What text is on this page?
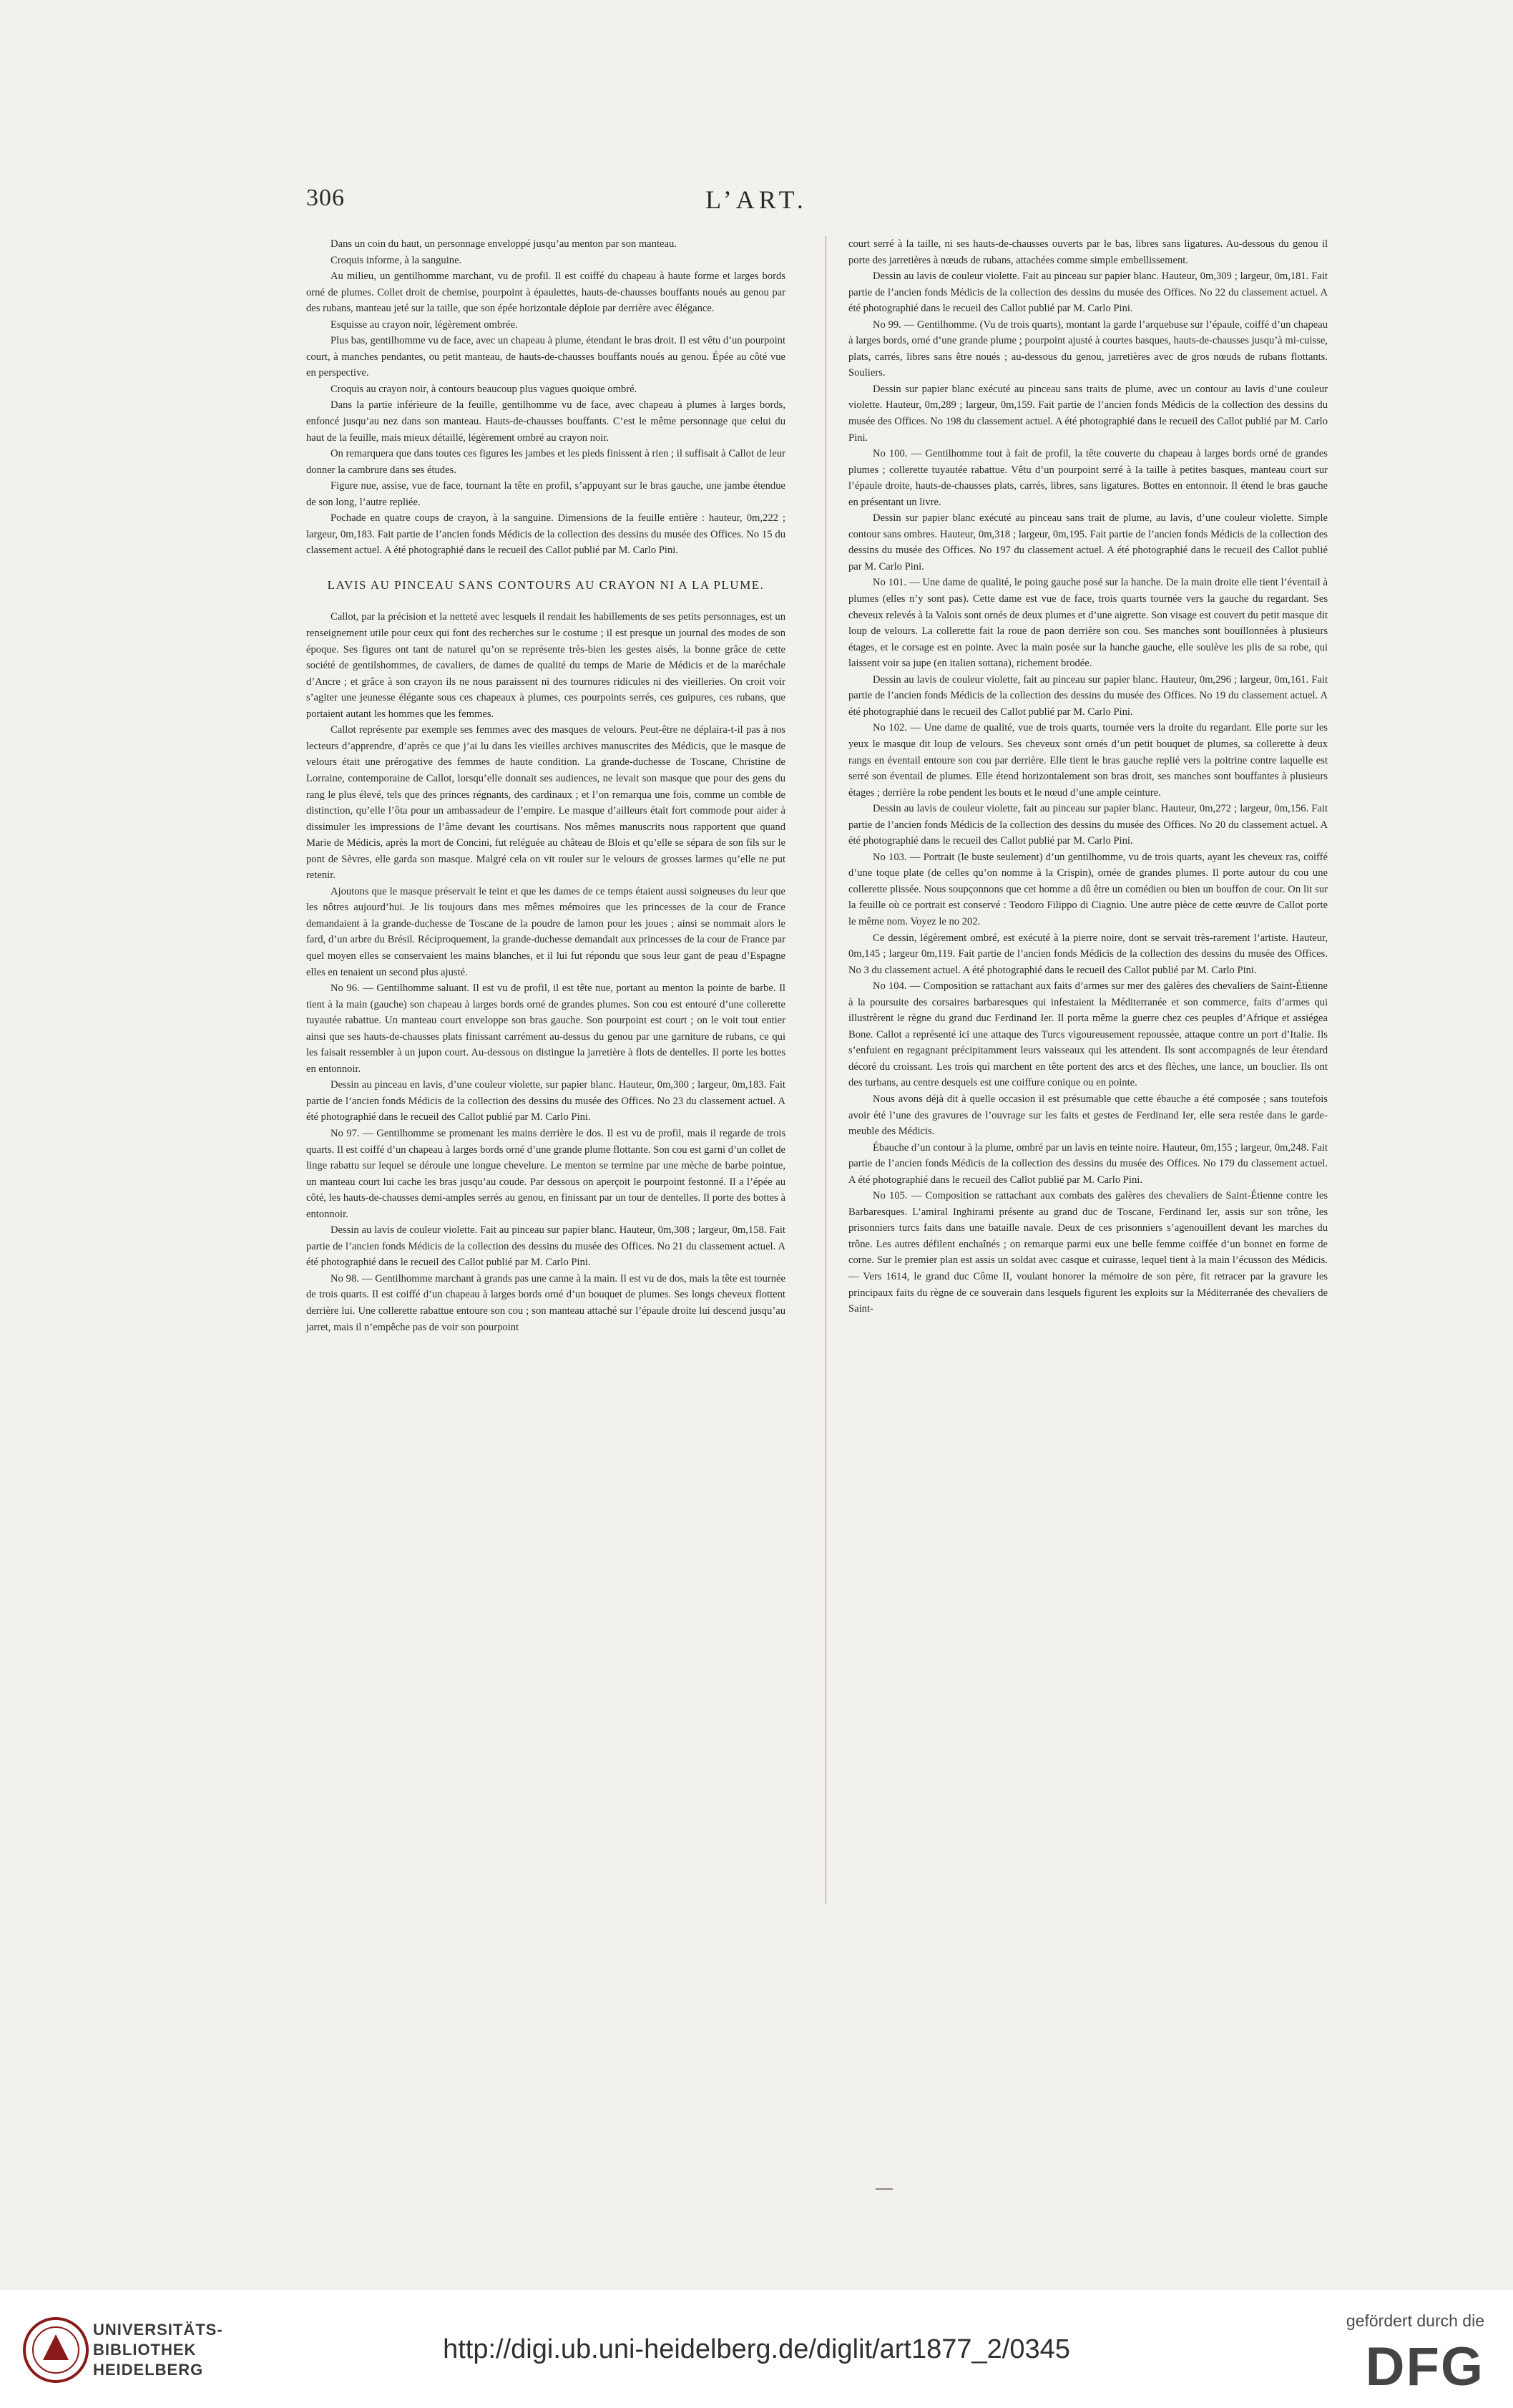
306	L’ART.

Dans un coin du haut, un personnage enveloppé jusqu’au menton par son manteau.

Croquis informe, à la sanguine.

Au milieu, un gentilhomme marchant, vu de profil. Il est coiffé du chapeau à haute forme et larges bords orné de plumes. Collet droit de chemise, pourpoint à épaulettes, hauts-de-chausses bouffants noués au genou par des rubans, manteau jeté sur la taille, que son épée horizontale déploie par derrière avec élégance.

Esquisse au crayon noir, légèrement ombrée.

Plus bas, gentilhomme vu de face, avec un chapeau à plume, étendant le bras droit. Il est vêtu d’un pourpoint court, à manches pendantes, ou petit manteau, de hauts-de-chausses bouffants noués au genou. Épée au côté vue en perspective.

Croquis au crayon noir, à contours beaucoup plus vagues quoique ombré.

Dans la partie inférieure de la feuille, gentilhomme vu de face, avec chapeau à plumes à larges bords, enfoncé jusqu’au nez dans son manteau. Hauts-de-chausses bouffants. C’est le même personnage que celui du haut de la feuille, mais mieux détaillé, légèrement ombré au crayon noir.

On remarquera que dans toutes ces figures les jambes et les pieds finissent à rien ; il suffisait à Callot de leur donner la cambrure dans ses études.

Figure nue, assise, vue de face, tournant la tête en profil, s’appuyant sur le bras gauche, une jambe étendue de son long, l’autre repliée.

Pochade en quatre coups de crayon, à la sanguine. Dimensions de la feuille entière : hauteur, 0m,222 ; largeur, 0m,183. Fait partie de l’ancien fonds Médicis de la collection des dessins du musée des Offices. No 15 du classement actuel. A été photographié dans le recueil des Callot publié par M. Carlo Pini.

LAVIS AU PINCEAU SANS CONTOURS AU CRAYON NI A LA PLUME.

Callot, par la précision et la netteté avec lesquels il rendait les habillements de ses petits personnages, est un renseignement utile pour ceux qui font des recherches sur le costume ; il est presque un journal des modes de son époque. Ses figures ont tant de naturel qu’on se représente très-bien les gestes aisés, la bonne grâce de cette société de gentilshommes, de cavaliers, de dames de qualité du temps de Marie de Médicis et de la maréchale d’Ancre ; et grâce à son crayon ils ne nous paraissent ni des tournures ridicules ni des vieilleries. On croit voir s’agiter une jeunesse élégante sous ces chapeaux à plumes, ces pourpoints serrés, ces guipures, ces rubans, que portaient autant les hommes que les femmes.

Callot représente par exemple ses femmes avec des masques de velours. Peut-être ne déplaira-t-il pas à nos lecteurs d’apprendre, d’après ce que j’ai lu dans les vieilles archives manuscrites des Médicis, que le masque de velours était une prérogative des femmes de haute condition. La grande-duchesse de Toscane, Christine de Lorraine, contemporaine de Callot, lorsqu’elle donnait ses audiences, ne levait son masque que pour des gens du rang le plus élevé, tels que des princes régnants, des cardinaux ; et l’on remarqua une fois, comme un comble de distinction, qu’elle l’ôta pour un ambassadeur de l’empire. Le masque d’ailleurs était fort commode pour aider à dissimuler les impressions de l’âme devant les courtisans. Nos mêmes manuscrits nous rapportent que quand Marie de Médicis, après la mort de Concini, fut reléguée au château de Blois et qu’elle se sépara de son fils sur le pont de Sèvres, elle garda son masque. Malgré cela on vit rouler sur le velours de grosses larmes qu’elle ne put retenir.

Ajoutons que le masque préservait le teint et que les dames de ce temps étaient aussi soigneuses du leur que les nôtres aujourd’hui. Je lis toujours dans mes mêmes mémoires que les princesses de la cour de France demandaient à la grande-duchesse de Toscane de la poudre de lamon pour les joues ; ainsi se nommait alors le fard, d’un arbre du Brésil. Réciproquement, la grande-duchesse demandait aux princesses de la cour de France par quel moyen elles se conservaient les mains blanches, et il lui fut répondu que sous leur gant de peau d’Espagne elles en tenaient un second plus ajusté.

No 96. — Gentilhomme saluant. Il est vu de profil, il est tête nue, portant au menton la pointe de barbe. Il tient à la main (gauche) son chapeau à larges bords orné de grandes plumes. Son cou est entouré d’une collerette tuyautée rabattue. Un manteau court enveloppe son bras gauche. Son pourpoint est court ; on le voit tout entier ainsi que ses hauts-de-chausses plats finissant carrément au-dessus du genou par une garniture de rubans, ce qui les faisait ressembler à un jupon court. Au-dessous on distingue la jarretière à flots de dentelles. Il porte les bottes en entonnoir.

Dessin au pinceau en lavis, d’une couleur violette, sur papier blanc. Hauteur, 0m,300 ; largeur, 0m,183. Fait partie de l’ancien fonds Médicis de la collection des dessins du musée des Offices. No 23 du classement actuel. A été photographié dans le recueil des Callot publié par M. Carlo Pini.

No 97. — Gentilhomme se promenant les mains derrière le dos. Il est vu de profil, mais il regarde de trois quarts. Il est coiffé d’un chapeau à larges bords orné d’une grande plume flottante. Son cou est garni d’un collet de linge rabattu sur lequel se déroule une longue chevelure. Le menton se termine par une mèche de barbe pointue, un manteau court lui cache les bras jusqu’au coude. Par dessous on aperçoit le pourpoint festonné. Il a l’épée au côté, les hauts-de-chausses demi-amples serrés au genou, en finissant par un tour de dentelles. Il porte des bottes à entonnoir.

Dessin au lavis de couleur violette. Fait au pinceau sur papier blanc. Hauteur, 0m,308 ; largeur, 0m,158. Fait partie de l’ancien fonds Médicis de la collection des dessins du musée des Offices. No 21 du classement actuel. A été photographié dans le recueil des Callot publié par M. Carlo Pini.

No 98. — Gentilhomme marchant à grands pas une canne à la main. Il est vu de dos, mais la tête est tournée de trois quarts. Il est coiffé d’un chapeau à larges bords orné d’un bouquet de plumes. Ses longs cheveux flottent derrière lui. Une collerette rabattue entoure son cou ; son manteau attaché sur l’épaule droite lui descend jusqu’au jarret, mais il n’empêche pas de voir son pourpoint

court serré à la taille, ni ses hauts-de-chausses ouverts par le bas, libres sans ligatures. Au-dessous du genou il porte des jarretières à nœuds de rubans, attachées comme simple embellissement.

Dessin au lavis de couleur violette. Fait au pinceau sur papier blanc. Hauteur, 0m,309 ; largeur, 0m,181. Fait partie de l’ancien fonds Médicis de la collection des dessins du musée des Offices. No 22 du classement actuel. A été photographié dans le recueil des Callot publié par M. Carlo Pini.

No 99. — Gentilhomme. (Vu de trois quarts), montant la garde l’arquebuse sur l’épaule, coiffé d’un chapeau à larges bords, orné d’une grande plume ; pourpoint ajusté à courtes basques, hauts-de-chausses jusqu’à mi-cuisse, plats, carrés, libres sans être noués ; au-dessous du genou, jarretières avec de gros nœuds de rubans flottants. Souliers.

Dessin sur papier blanc exécuté au pinceau sans traits de plume, avec un contour au lavis d’une couleur violette. Hauteur, 0m,289 ; largeur, 0m,159. Fait partie de l’ancien fonds Médicis de la collection des dessins du musée des Offices. No 198 du classement actuel. A été photographié dans le recueil des Callot publié par M. Carlo Pini.

No 100. — Gentilhomme tout à fait de profil, la tête couverte du chapeau à larges bords orné de grandes plumes ; collerette tuyautée rabattue. Vêtu d’un pourpoint serré à la taille à petites basques, manteau court sur l’épaule droite, hauts-de-chausses plats, carrés, libres, sans ligatures. Bottes en entonnoir. Il étend le bras gauche en présentant un livre.

Dessin sur papier blanc exécuté au pinceau sans trait de plume, au lavis, d’une couleur violette. Simple contour sans ombres. Hauteur, 0m,318 ; largeur, 0m,195. Fait partie de l’ancien fonds Médicis de la collection des dessins du musée des Offices. No 197 du classement actuel. A été photographié dans le recueil des Callot publié par M. Carlo Pini.

No 101. — Une dame de qualité, le poing gauche posé sur la hanche. De la main droite elle tient l’éventail à plumes (elles n’y sont pas). Cette dame est vue de face, trois quarts tournée vers la gauche du regardant. Ses cheveux relevés à la Valois sont ornés de deux plumes et d’une aigrette. Son visage est couvert du petit masque dit loup de velours. La collerette fait la roue de paon derrière son cou. Ses manches sont bouillonnées à plusieurs étages, et le corsage est en pointe. Avec la main posée sur la hanche gauche, elle soulève les plis de sa robe, qui laissent voir sa jupe (en italien sottana), richement brodée.

Dessin au lavis de couleur violette, fait au pinceau sur papier blanc. Hauteur, 0m,296 ; largeur, 0m,161. Fait partie de l’ancien fonds Médicis de la collection des dessins du musée des Offices. No 19 du classement actuel. A été photographié dans le recueil des Callot publié par M. Carlo Pini.

No 102. — Une dame de qualité, vue de trois quarts, tournée vers la droite du regardant. Elle porte sur les yeux le masque dit loup de velours. Ses cheveux sont ornés d’un petit bouquet de plumes, sa collerette à deux rangs en éventail entoure son cou par derrière. Elle tient le bras gauche replié vers la poitrine contre laquelle est serré son éventail de plumes. Elle étend horizontalement son bras droit, ses manches sont bouffantes à plusieurs étages ; derrière la robe pendent les bouts et le nœud d’une ample ceinture.

Dessin au lavis de couleur violette, fait au pinceau sur papier blanc. Hauteur, 0m,272 ; largeur, 0m,156. Fait partie de l’ancien fonds Médicis de la collection des dessins du musée des Offices. No 20 du classement actuel. A été photographié dans le recueil des Callot publié par M. Carlo Pini.

No 103. — Portrait (le buste seulement) d’un gentilhomme, vu de trois quarts, ayant les cheveux ras, coiffé d’une toque plate (de celles qu’on nomme à la Crispin), ornée de grandes plumes. Il porte autour du cou une collerette plissée. Nous soupçonnons que cet homme a dû être un comédien ou bien un bouffon de cour. On lit sur la feuille où ce portrait est conservé : Teodoro Filippo di Ciagnio. Une autre pièce de cette œuvre de Callot porte le même nom. Voyez le no 202.

Ce dessin, légèrement ombré, est exécuté à la pierre noire, dont se servait très-rarement l’artiste. Hauteur, 0m,145 ; largeur 0m,119. Fait partie de l’ancien fonds Médicis de la collection des dessins du musée des Offices. No 3 du classement actuel. A été photographié dans le recueil des Callot publié par M. Carlo Pini.

No 104. — Composition se rattachant aux faits d’armes sur mer des galères des chevaliers de Saint-Étienne à la poursuite des corsaires barbaresques qui infestaient la Méditerranée et son commerce, faits d’armes qui illustrèrent le règne du grand duc Ferdinand Ier. Il porta même la guerre chez ces peuples d’Afrique et assiégea Bone. Callot a représenté ici une attaque des Turcs vigoureusement repoussée, attaque contre un port d’Italie. Ils s’enfuient en regagnant précipitamment leurs vaisseaux qui les attendent. Ils sont accompagnés de leur étendard décoré du croissant. Les trois qui marchent en tête portent des arcs et des flèches, une lance, un bouclier. Ils ont des turbans, au centre desquels est une coiffure conique ou en pointe.

Nous avons déjà dit à quelle occasion il est présumable que cette ébauche a été composée ; sans toutefois avoir été l’une des gravures de l’ouvrage sur les faits et gestes de Ferdinand Ier, elle sera restée dans le garde-meuble des Médicis.

Ébauche d’un contour à la plume, ombré par un lavis en teinte noire. Hauteur, 0m,155 ; largeur, 0m,248. Fait partie de l’ancien fonds Médicis de la collection des dessins du musée des Offices. No 179 du classement actuel. A été photographié dans le recueil des Callot publié par M. Carlo Pini.

No 105. — Composition se rattachant aux combats des galères des chevaliers de Saint-Étienne contre les Barbaresques. L’amiral Inghirami présente au grand duc de Toscane, Ferdinand Ier, assis sur son trône, les prisonniers turcs faits dans une bataille navale. Deux de ces prisonniers s’agenouillent devant les marches du trône. Les autres défilent enchaînés ; on remarque parmi eux une belle femme coiffée d’un bonnet en forme de corne. Sur le premier plan est assis un soldat avec casque et cuirasse, lequel tient à la main l’écusson des Médicis. — Vers 1614, le grand duc Côme II, voulant honorer la mémoire de son père, fit retracer par la gravure les principaux faits du règne de ce souverain dans lesquels figurent les exploits sur la Méditerranée des chevaliers de Saint-

UNIVERSITÄTS-
BIBLIOTHEK
HEIDELBERG
http://digi.ub.uni-heidelberg.de/diglit/art1877_2/0345
gefördert durch die
DFG
